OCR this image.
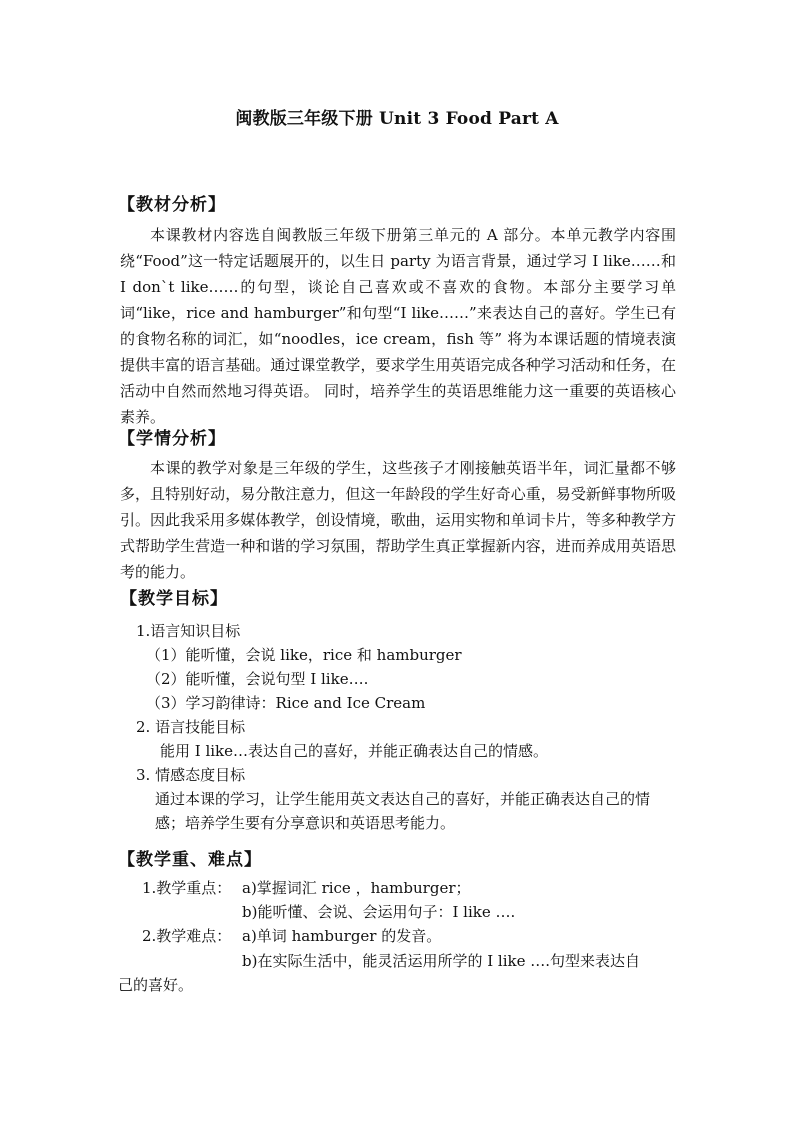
闽教版三年级下册 Unit 3 Food Part A
【教材分析】
本课教材内容选自闽教版三年级下册第三单元的 A 部分。本单元教学内容围绕“Food”这一特定话题展开的，以生日 party 为语言背景，通过学习 I like……和 I don`t like……的句型，谈论自己喜欢或不喜欢的食物。本部分主要学习单词“like，rice and hamburger”和句型“I like……”来表达自己的喜好。学生已有的食物名称的词汇，如“noodles，ice cream，fish 等” 将为本课话题的情境表演提供丰富的语言基础。通过课堂教学，要求学生用英语完成各种学习活动和任务，在活动中自然而然地习得英语。 同时，培养学生的英语思维能力这一重要的英语核心素养。
【学情分析】
本课的教学对象是三年级的学生，这些孩子才刚接触英语半年，词汇量都不够多，且特别好动，易分散注意力，但这一年龄段的学生好奇心重，易受新鲜事物所吸引。因此我采用多媒体教学，创设情境，歌曲，运用实物和单词卡片，等多种教学方式帮助学生营造一种和谐的学习氛围，帮助学生真正掌握新内容，进而养成用英语思考的能力。
【教学目标】
1.语言知识目标
（1）能听懂，会说 like，rice 和 hamburger
（2）能听懂，会说句型 I like….
（3）学习韵律诗：Rice and Ice Cream
2. 语言技能目标
能用 I like…表达自己的喜好，并能正确表达自己的情感。
3. 情感态度目标
通过本课的学习，让学生能用英文表达自己的喜好，并能正确表达自己的情感；培养学生要有分享意识和英语思考能力。
【教学重、难点】
1.教学重点： a)掌握词汇 rice ，hamburger；
b)能听懂、会说、会运用句子：I like ….
2.教学难点： a)单词 hamburger 的发音。
b)在实际生活中，能灵活运用所学的 I like ….句型来表达自
己的喜好。
